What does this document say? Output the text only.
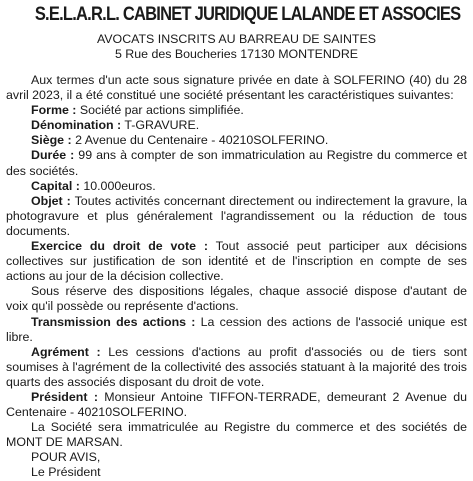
S.E.L.A.R.L. CABINET JURIDIQUE LALANDE ET ASSOCIES
AVOCATS INSCRITS AU BARREAU DE SAINTES
5 Rue des Boucheries 17130 MONTENDRE

Aux termes d'un acte sous signature privée en date à SOLFERINO (40) du 28 avril 2023, il a été constitué une société présentant les caractéristiques suivantes:

Forme : Société par actions simplifiée.

Dénomination : T-GRAVURE.

Siège : 2 Avenue du Centenaire - 40210SOLFERINO.

Durée : 99 ans à compter de son immatriculation au Registre du commerce et des sociétés.

Capital : 10.000euros.

Objet : Toutes activités concernant directement ou indirectement la gravure, la photogravure et plus généralement l'agrandissement ou la réduction de tous documents.

Exercice du droit de vote : Tout associé peut participer aux décisions collectives sur justification de son identité et de l'inscription en compte de ses actions au jour de la décision collective.

Sous réserve des dispositions légales, chaque associé dispose d'autant de voix qu'il possède ou représente d'actions.

Transmission des actions : La cession des actions de l'associé unique est libre.

Agrément : Les cessions d'actions au profit d'associés ou de tiers sont soumises à l'agrément de la collectivité des associés statuant à la majorité des trois quarts des associés disposant du droit de vote.

Président : Monsieur Antoine TIFFON-TERRADE, demeurant 2 Avenue du Centenaire - 40210SOLFERINO.

La Société sera immatriculée au Registre du commerce et des sociétés de MONT DE MARSAN.

POUR AVIS,
Le Président
